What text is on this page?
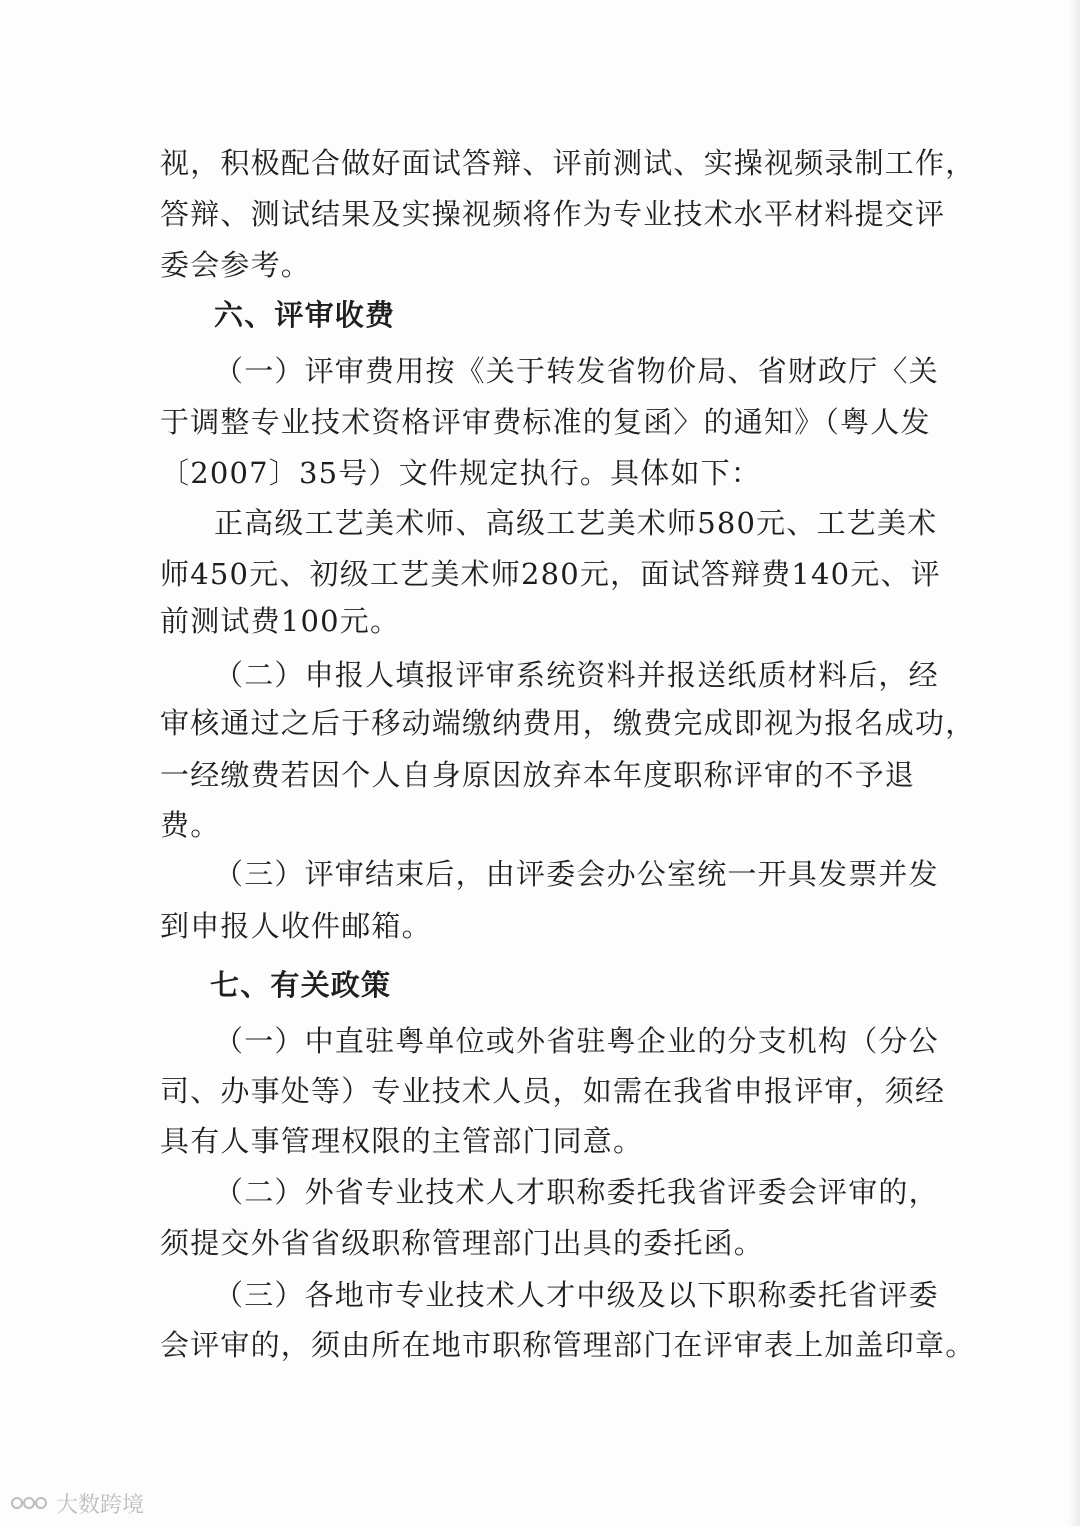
视，积极配合做好面试答辩、评前测试、实操视频录制工作，
答辩、测试结果及实操视频将作为专业技术水平材料提交评
委会参考。
六、评审收费
（一）评审费用按《关于转发省物价局、省财政厅〈关
于调整专业技术资格评审费标准的复函〉的通知》（粤人发
〔2007〕35号）文件规定执行。具体如下：
正高级工艺美术师、高级工艺美术师580元、工艺美术
师450元、初级工艺美术师280元，面试答辩费140元、评
前测试费100元。
（二）申报人填报评审系统资料并报送纸质材料后，经
审核通过之后于移动端缴纳费用，缴费完成即视为报名成功，
一经缴费若因个人自身原因放弃本年度职称评审的不予退
费。
（三）评审结束后，由评委会办公室统一开具发票并发
到申报人收件邮箱。
七、有关政策
（一）中直驻粤单位或外省驻粤企业的分支机构（分公
司、办事处等）专业技术人员，如需在我省申报评审，须经
具有人事管理权限的主管部门同意。
（二）外省专业技术人才职称委托我省评委会评审的，
须提交外省省级职称管理部门出具的委托函。
（三）各地市专业技术人才中级及以下职称委托省评委
会评审的，须由所在地市职称管理部门在评审表上加盖印章。
大数跨境
